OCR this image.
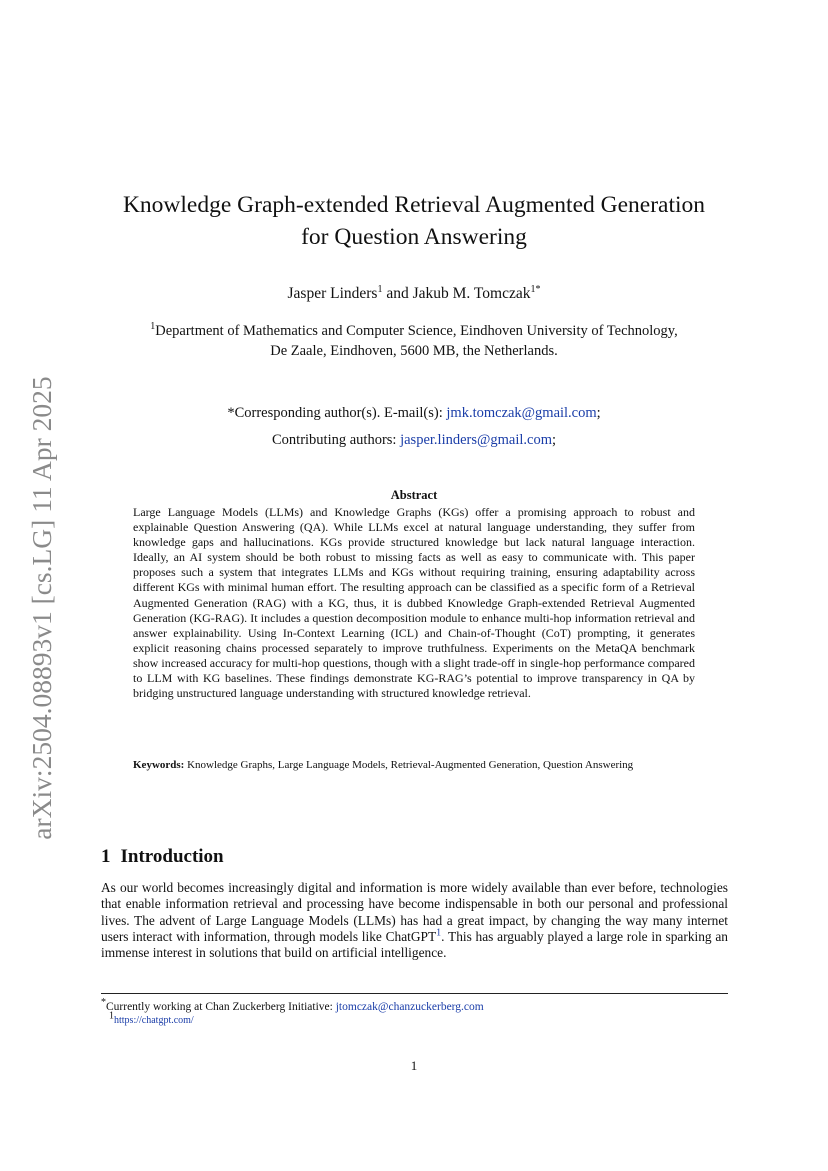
arXiv:2504.08893v1 [cs.LG] 11 Apr 2025
Knowledge Graph-extended Retrieval Augmented Generation
for Question Answering
Jasper Linders$^1$ and Jakub M. Tomczak$^{1*}$
$^1$Department of Mathematics and Computer Science, Eindhoven University of Technology,
De Zaale, Eindhoven, 5600 MB, the Netherlands.
*Corresponding author(s). E-mail(s): jmk.tomczak@gmail.com;
Contributing authors: jasper.linders@gmail.com;
Abstract

Large Language Models (LLMs) and Knowledge Graphs (KGs) offer a promising approach to robust and explainable Question Answering (QA). While LLMs excel at natural language understanding, they suffer from knowledge gaps and hallucinations. KGs provide structured knowledge but lack natural language interaction. Ideally, an AI system should be both robust to missing facts as well as easy to communicate with. This paper proposes such a system that integrates LLMs and KGs without requiring training, ensuring adaptability across different KGs with minimal human effort. The resulting approach can be classified as a specific form of a Retrieval Augmented Generation (RAG) with a KG, thus, it is dubbed Knowledge Graph-extended Retrieval Augmented Generation (KG-RAG). It includes a question decomposition module to enhance multi-hop information retrieval and answer explainability. Using In-Context Learning (ICL) and Chain-of-Thought (CoT) prompting, it generates explicit reasoning chains processed separately to improve truthfulness. Experiments on the MetaQA benchmark show increased accuracy for multi-hop questions, though with a slight trade-off in single-hop performance compared to LLM with KG baselines. These findings demonstrate KG-RAG’s potential to improve transparency in QA by bridging unstructured language understanding with structured knowledge retrieval.

Keywords: Knowledge Graphs, Large Language Models, Retrieval-Augmented Generation, Question Answering

1 Introduction

As our world becomes increasingly digital and information is more widely available than ever before, technologies that enable information retrieval and processing have become indispensable in both our personal and professional lives. The advent of Large Language Models (LLMs) has had a great impact, by changing the way many internet users interact with information, through models like ChatGPT$^1$. This has arguably played a large role in sparking an immense interest in solutions that build on artificial intelligence.

*Currently working at Chan Zuckerberg Initiative: jtomczak@chanzuckerberg.com
$^1$https://chatgpt.com/
1
